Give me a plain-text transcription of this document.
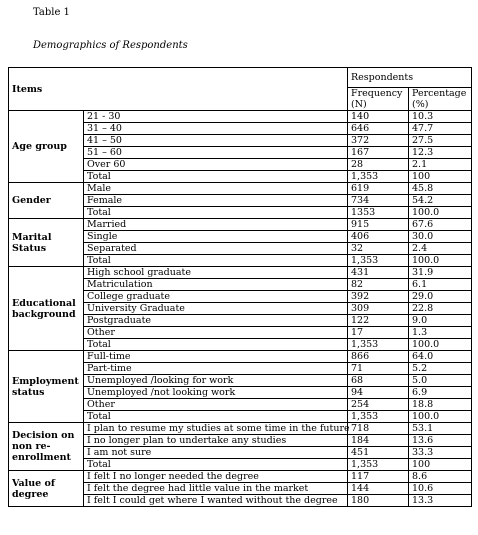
Table 1
Demographics of Respondents
Items		Respondents	
		Frequency (N)	Percentage (%)
Age group	21 - 30	140	10.3
	31 – 40	646	47.7
	41 – 50	372	27.5
	51 – 60	167	12.3
	Over 60	28	2.1
	Total	1,353	100
Gender	Male	619	45.8
	Female	734	54.2
	Total	1353	100.0
Marital Status	Married	915	67.6
	Single	406	30.0
	Separated	32	2.4
	Total	1,353	100.0
Educational background	High school graduate	431	31.9
	Matriculation	82	6.1
	College graduate	392	29.0
	University Graduate	309	22.8
	Postgraduate	122	9.0
	Other	17	1.3
	Total	1,353	100.0
Employment status	Full-time	866	64.0
	Part-time	71	5.2
	Unemployed /looking for work	68	5.0
	Unemployed /not looking work	94	6.9
	Other	254	18.8
	Total	1,353	100.0
Decision on non re-enrollment	I plan to resume my studies at some time in the future	718	53.1
	I no longer plan to undertake any studies	184	13.6
	I am not sure	451	33.3
	Total	1,353	100
Value of degree	I felt I no longer needed the degree	117	8.6
	I felt the degree had little value in the market	144	10.6
	I felt I could get where I wanted without the degree	180	13.3
